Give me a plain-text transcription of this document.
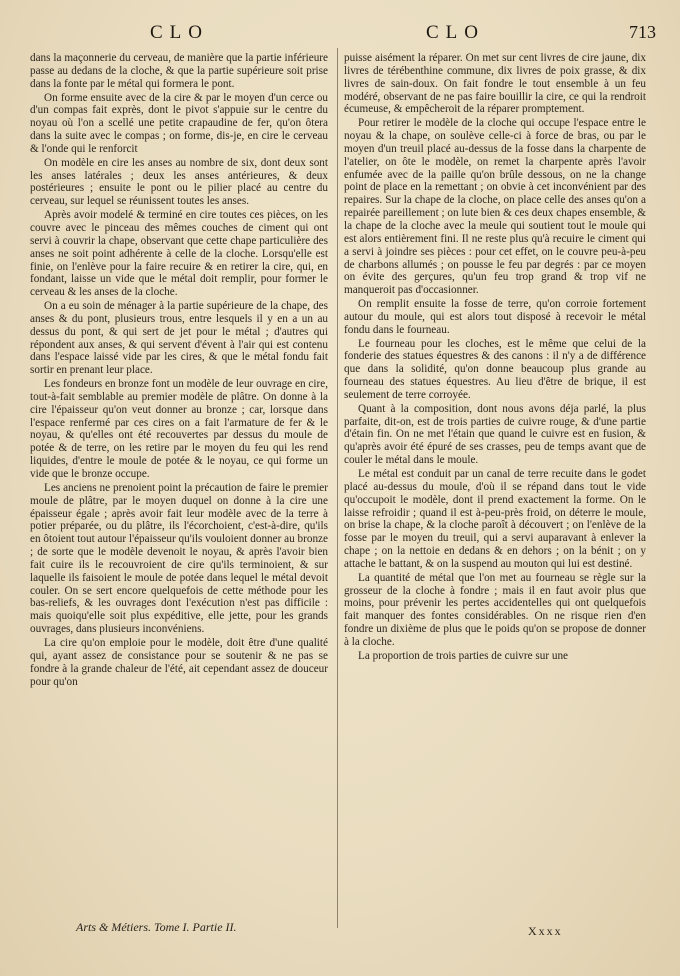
CLO	CLO	713

dans la maçonnerie du cerveau, de manière que la partie inférieure passe au dedans de la cloche, & que la partie supérieure soit prise dans la fonte par le métal qui formera le pont.

On forme ensuite avec de la cire & par le moyen d'un cerce ou d'un compas fait exprès, dont le pivot s'appuie sur le centre du noyau où l'on a scellé une petite crapaudine de fer, qu'on ôtera dans la suite avec le compas ; on forme, dis-je, en cire le cerveau & l'onde qui le renforcit

On modèle en cire les anses au nombre de six, dont deux sont les anses latérales ; deux les anses antérieures, & deux postérieures ; ensuite le pont ou le pilier placé au centre du cerveau, sur lequel se réunissent toutes les anses.

Après avoir modelé & terminé en cire toutes ces pièces, on les couvre avec le pinceau des mêmes couches de ciment qui ont servi à couvrir la chape, observant que cette chape particulière des anses ne soit point adhérente à celle de la cloche. Lorsqu'elle est finie, on l'enlève pour la faire recuire & en retirer la cire, qui, en fondant, laisse un vide que le métal doit remplir, pour former le cerveau & les anses de la cloche.

On a eu soin de ménager à la partie supérieure de la chape, des anses & du pont, plusieurs trous, entre lesquels il y en a un au dessus du pont, & qui sert de jet pour le métal ; d'autres qui répondent aux anses, & qui servent d'évent à l'air qui est contenu dans l'espace laissé vide par les cires, & que le métal fondu fait sortir en prenant leur place.

Les fondeurs en bronze font un modèle de leur ouvrage en cire, tout-à-fait semblable au premier modèle de plâtre. On donne à la cire l'épaisseur qu'on veut donner au bronze ; car, lorsque dans l'espace renfermé par ces cires on a fait l'armature de fer & le noyau, & qu'elles ont été recouvertes par dessus du moule de potée & de terre, on les retire par le moyen du feu qui les rend liquides, d'entre le moule de potée & le noyau, ce qui forme un vide que le bronze occupe.

Les anciens ne prenoient point la précaution de faire le premier moule de plâtre, par le moyen duquel on donne à la cire une épaisseur égale ; après avoir fait leur modèle avec de la terre à potier préparée, ou du plâtre, ils l'écorchoient, c'est-à-dire, qu'ils en ôtoient tout autour l'épaisseur qu'ils vouloient donner au bronze ; de sorte que le modèle devenoit le noyau, & après l'avoir bien fait cuire ils le recouvroient de cire qu'ils terminoient, & sur laquelle ils faisoient le moule de potée dans lequel le métal devoit couler. On se sert encore quelquefois de cette méthode pour les bas-reliefs, & les ouvrages dont l'exécution n'est pas difficile : mais quoiqu'elle soit plus expéditive, elle jette, pour les grands ouvrages, dans plusieurs inconvéniens.

La cire qu'on emploie pour le modèle, doit être d'une qualité qui, ayant assez de consistance pour se soutenir & ne pas se fondre à la grande chaleur de l'été, ait cependant assez de douceur pour qu'on

puisse aisément la réparer. On met sur cent livres de cire jaune, dix livres de térébenthine commune, dix livres de poix grasse, & dix livres de sain-doux. On fait fondre le tout ensemble à un feu modéré, observant de ne pas faire bouillir la cire, ce qui la rendroit écumeuse, & empêcheroit de la réparer promptement.

Pour retirer le modèle de la cloche qui occupe l'espace entre le noyau & la chape, on soulève celle-ci à force de bras, ou par le moyen d'un treuil placé au-dessus de la fosse dans la charpente de l'atelier, on ôte le modèle, on remet la charpente après l'avoir enfumée avec de la paille qu'on brûle dessous, on ne la change point de place en la remettant ; on obvie à cet inconvénient par des repaires. Sur la chape de la cloche, on place celle des anses qu'on a repairée pareillement ; on lute bien & ces deux chapes ensemble, & la chape de la cloche avec la meule qui soutient tout le moule qui est alors entièrement fini. Il ne reste plus qu'à recuire le ciment qui a servi à joindre ses pièces : pour cet effet, on le couvre peu-à-peu de charbons allumés ; on pousse le feu par degrés : par ce moyen on évite des gerçures, qu'un feu trop grand & trop vif ne manqueroit pas d'occasionner.

On remplit ensuite la fosse de terre, qu'on corroie fortement autour du moule, qui est alors tout disposé à recevoir le métal fondu dans le fourneau.

Le fourneau pour les cloches, est le même que celui de la fonderie des statues équestres & des canons : il n'y a de différence que dans la solidité, qu'on donne beaucoup plus grande au fourneau des statues équestres. Au lieu d'être de brique, il est seulement de terre corroyée.

Quant à la composition, dont nous avons déja parlé, la plus parfaite, dit-on, est de trois parties de cuivre rouge, & d'une partie d'étain fin. On ne met l'étain que quand le cuivre est en fusion, & qu'après avoir été épuré de ses crasses, peu de temps avant que de couler le métal dans le moule.

Le métal est conduit par un canal de terre recuite dans le godet placé au-dessus du moule, d'où il se répand dans tout le vide qu'occupoit le modèle, dont il prend exactement la forme. On le laisse refroidir ; quand il est à-peu-près froid, on déterre le moule, on brise la chape, & la cloche paroît à découvert ; on l'enlève de la fosse par le moyen du treuil, qui a servi auparavant à enlever la chape ; on la nettoie en dedans & en dehors ; on la bénit ; on y attache le battant, & on la suspend au mouton qui lui est destiné.

La quantité de métal que l'on met au fourneau se règle sur la grosseur de la cloche à fondre ; mais il en faut avoir plus que moins, pour prévenir les pertes accidentelles qui ont quelquefois fait manquer des fontes considérables. On ne risque rien d'en fondre un dixième de plus que le poids qu'on se propose de donner à la cloche.

La proportion de trois parties de cuivre sur une

Arts & Métiers. Tome I. Partie II.	Xxxx
